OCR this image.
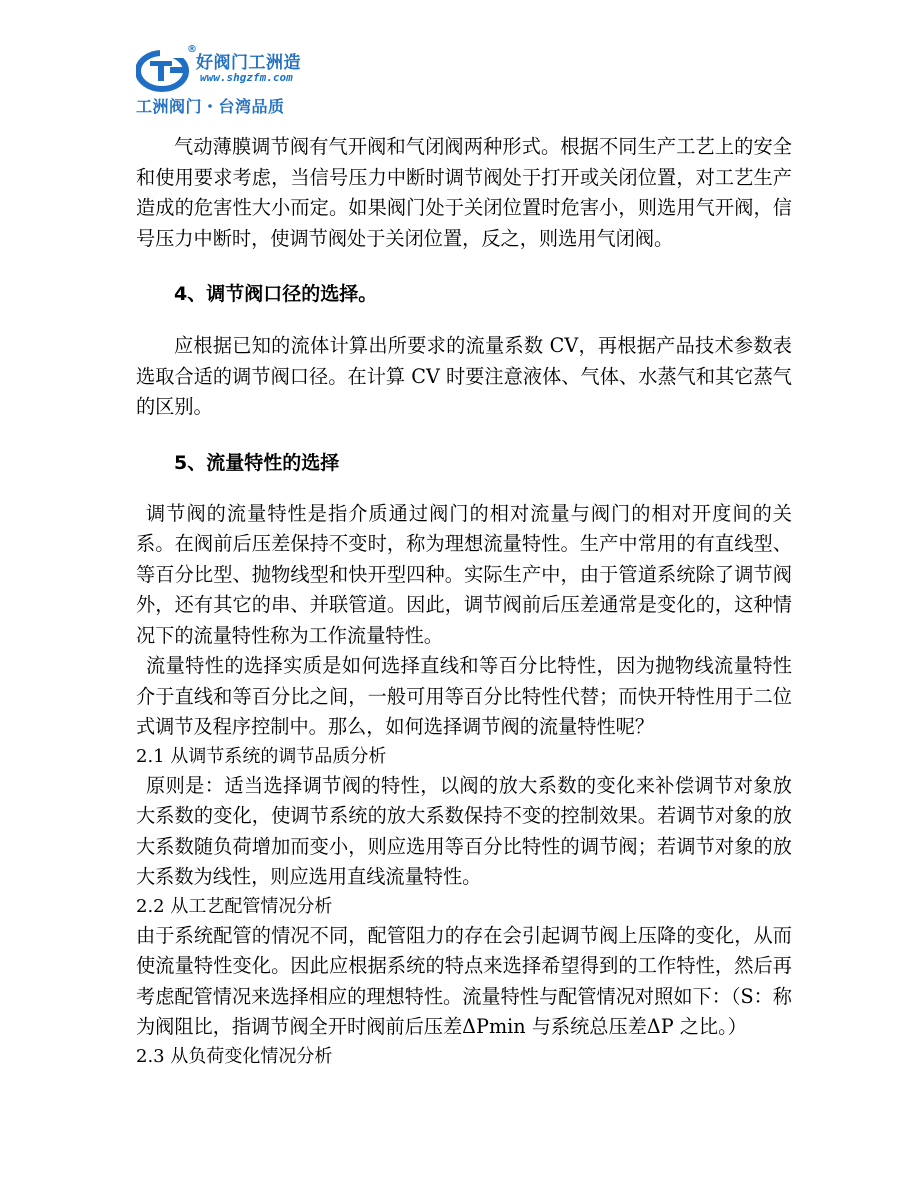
®
好阀门工洲造
www.shgzfm.com
工洲阀门・台湾品质

气动薄膜调节阀有气开阀和气闭阀两种形式。根据不同生产工艺上的安全和使用要求考虑，当信号压力中断时调节阀处于打开或关闭位置，对工艺生产造成的危害性大小而定。如果阀门处于关闭位置时危害小，则选用气开阀，信号压力中断时，使调节阀处于关闭位置，反之，则选用气闭阀。

4、调节阀口径的选择。

应根据已知的流体计算出所要求的流量系数 CV，再根据产品技术参数表选取合适的调节阀口径。在计算 CV 时要注意液体、气体、水蒸气和其它蒸气的区别。

5、流量特性的选择

调节阀的流量特性是指介质通过阀门的相对流量与阀门的相对开度间的关系。在阀前后压差保持不变时，称为理想流量特性。生产中常用的有直线型、等百分比型、抛物线型和快开型四种。实际生产中，由于管道系统除了调节阀外，还有其它的串、并联管道。因此，调节阀前后压差通常是变化的，这种情况下的流量特性称为工作流量特性。

流量特性的选择实质是如何选择直线和等百分比特性，因为抛物线流量特性介于直线和等百分比之间，一般可用等百分比特性代替；而快开特性用于二位式调节及程序控制中。那么，如何选择调节阀的流量特性呢？

2.1 从调节系统的调节品质分析

原则是：适当选择调节阀的特性，以阀的放大系数的变化来补偿调节对象放大系数的变化，使调节系统的放大系数保持不变的控制效果。若调节对象的放大系数随负荷增加而变小，则应选用等百分比特性的调节阀；若调节对象的放大系数为线性，则应选用直线流量特性。

2.2 从工艺配管情况分析

由于系统配管的情况不同，配管阻力的存在会引起调节阀上压降的变化，从而使流量特性变化。因此应根据系统的特点来选择希望得到的工作特性，然后再考虑配管情况来选择相应的理想特性。流量特性与配管情况对照如下：（S：称为阀阻比，指调节阀全开时阀前后压差ΔPmin 与系统总压差ΔP 之比。）

2.3 从负荷变化情况分析
